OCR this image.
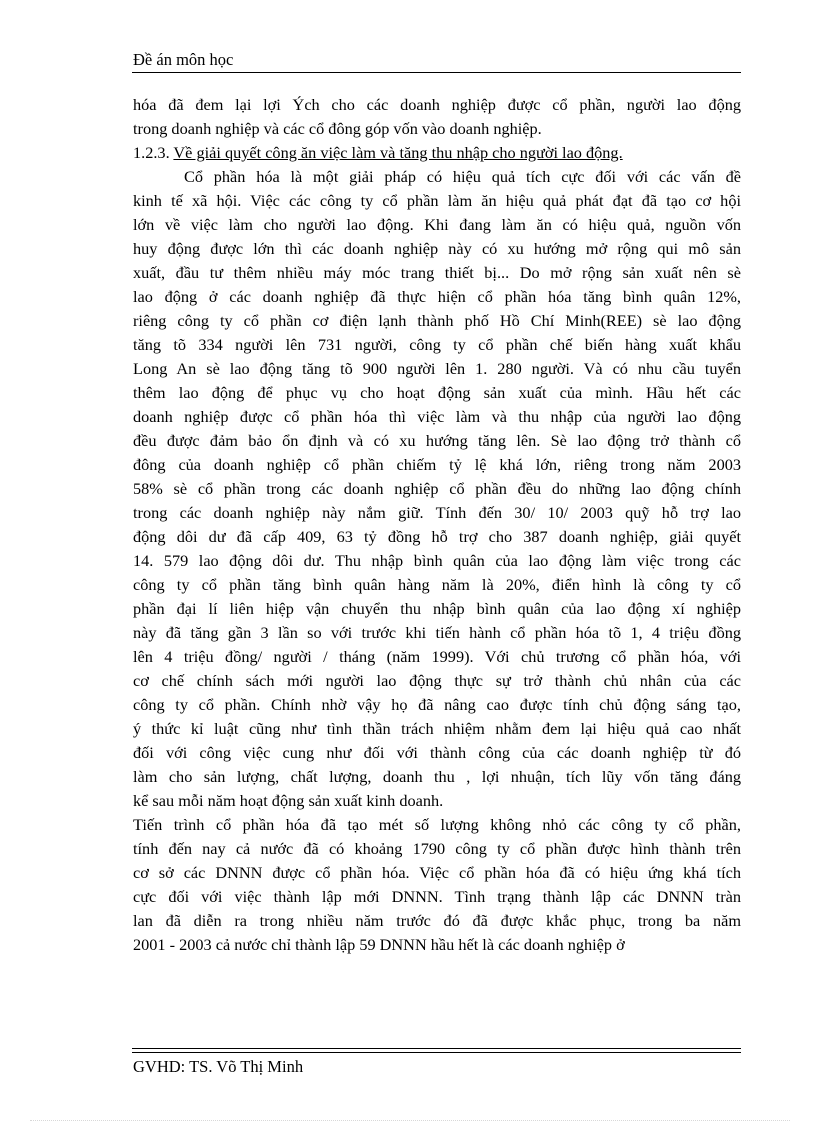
Đề án môn học
hóa đã đem lại lợi Ých cho các doanh nghiệp được cổ phần, người lao động
trong doanh nghiệp và các cổ đông góp vốn vào doanh nghiệp.
1.2.3. Về giải quyết công ăn việc làm và tăng thu nhập cho người lao động.
Cổ phần hóa là một giải pháp có hiệu quả tích cực đối với các vấn đề
kinh tế xã hội. Việc các công ty cổ phần làm ăn hiệu quả phát đạt đã tạo cơ hội
lớn về việc làm cho người lao động. Khi đang làm ăn có hiệu quả, nguồn vốn
huy động được lớn thì các doanh nghiệp này có xu hướng mở rộng qui mô sản
xuất, đầu tư thêm nhiều máy móc trang thiết bị... Do mở rộng sản xuất nên sè
lao động ở các doanh nghiệp đã thực hiện cổ phần hóa tăng bình quân 12%,
riêng công ty cổ phần cơ điện lạnh thành phố Hồ Chí Minh(REE) sè lao động
tăng tõ 334 người lên 731 người, công ty cổ phần chế biến hàng xuất khẩu
Long An sè lao động tăng tõ 900 người lên 1. 280 người. Và có nhu cầu tuyển
thêm lao động để phục vụ cho hoạt động sản xuất của mình. Hầu hết các
doanh nghiệp được cổ phần hóa thì việc làm và thu nhập của người lao động
đều được đảm bảo ổn định và có xu hướng tăng lên. Sè lao động trở thành cổ
đông của doanh nghiệp cổ phần chiếm tỷ lệ khá lớn, riêng trong năm 2003
58% sè cổ phần trong các doanh nghiệp cổ phần đều do những lao động chính
trong các doanh nghiệp này nắm giữ. Tính đến 30/ 10/ 2003 quỹ hỗ trợ lao
động dôi dư đã cấp 409, 63 tỷ đồng hỗ trợ cho 387 doanh nghiệp, giải quyết
14. 579 lao động dôi dư. Thu nhập bình quân của lao động làm việc trong các
công ty cổ phần tăng bình quân hàng năm là 20%, điển hình là công ty cổ
phần đại lí liên hiệp vận chuyển thu nhập bình quân của lao động xí nghiệp
này đã tăng gần 3 lần so với trước khi tiến hành cổ phần hóa tõ 1, 4 triệu đồng
lên 4 triệu đồng/ người / tháng (năm 1999). Với chủ trương cổ phần hóa, với
cơ chế chính sách mới người lao động thực sự trở thành chủ nhân của các
công ty cổ phần. Chính nhờ vậy họ đã nâng cao được tính chủ động sáng tạo,
ý thức kỉ luật cũng như tình thần trách nhiệm nhằm đem lại hiệu quả cao nhất
đối với công việc cung như đối với thành công của các doanh nghiệp từ đó
làm cho sản lượng, chất lượng, doanh thu , lợi nhuận, tích lũy vốn tăng đáng
kể sau mỗi năm hoạt động sản xuất kinh doanh.
Tiến trình cổ phần hóa đã tạo mét số lượng không nhỏ các công ty cổ phần,
tính đến nay cả nước đã có khoảng 1790 công ty cổ phần được hình thành trên
cơ sở các DNNN được cổ phần hóa. Việc cổ phần hóa đã có hiệu ứng khá tích
cực đối với việc thành lập mới DNNN. Tình trạng thành lập các DNNN tràn
lan đã diễn ra trong nhiều năm trước đó đã được khắc phục, trong ba năm
2001 - 2003 cả nước chỉ thành lập 59 DNNN hầu hết là các doanh nghiệp ở
GVHD: TS. Võ Thị Minh
